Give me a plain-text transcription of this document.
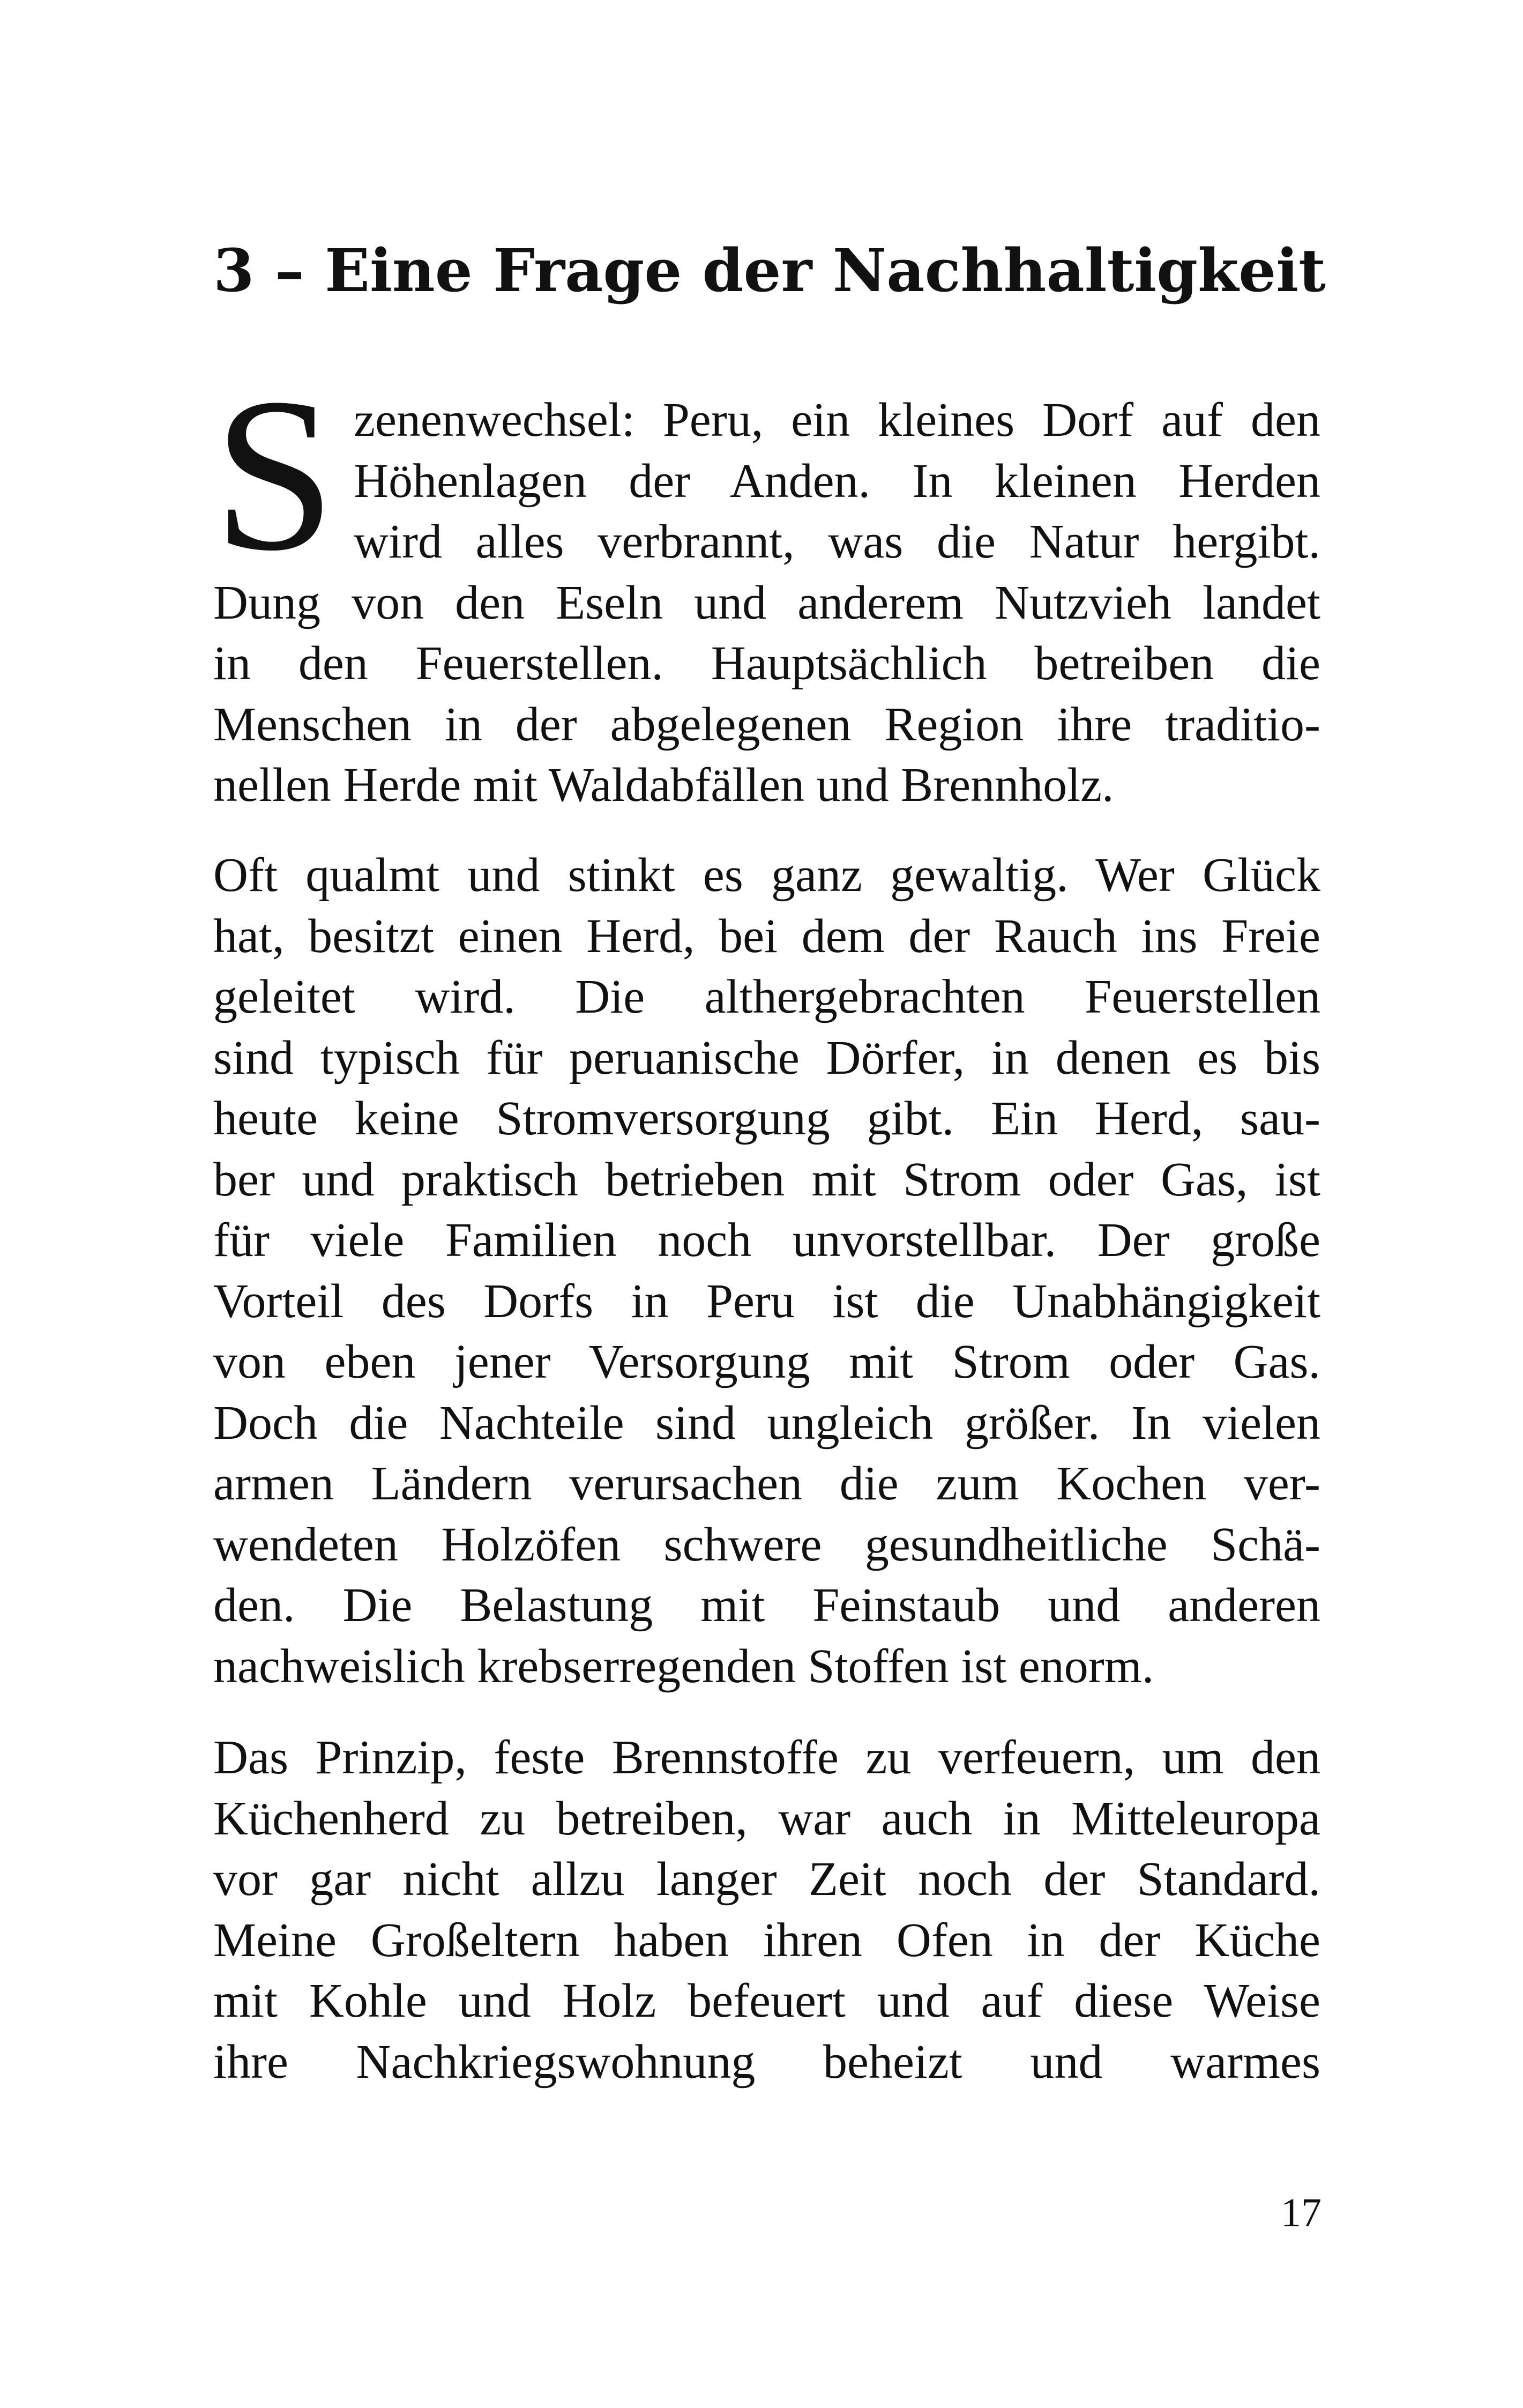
3 – Eine Frage der Nachhaltigkeit
S zenenwechsel: Peru, ein kleines Dorf auf den
Höhenlagen der Anden. In kleinen Herden
wird alles verbrannt, was die Natur hergibt.
Dung von den Eseln und anderem Nutzvieh landet
in den Feuerstellen. Hauptsächlich betreiben die
Menschen in der abgelegenen Region ihre traditio-
nellen Herde mit Waldabfällen und Brennholz.
Oft qualmt und stinkt es ganz gewaltig. Wer Glück
hat, besitzt einen Herd, bei dem der Rauch ins Freie
geleitet wird. Die althergebrachten Feuerstellen
sind typisch für peruanische Dörfer, in denen es bis
heute keine Stromversorgung gibt. Ein Herd, sau-
ber und praktisch betrieben mit Strom oder Gas, ist
für viele Familien noch unvorstellbar. Der große
Vorteil des Dorfs in Peru ist die Unabhängigkeit
von eben jener Versorgung mit Strom oder Gas.
Doch die Nachteile sind ungleich größer. In vielen
armen Ländern verursachen die zum Kochen ver-
wendeten Holzöfen schwere gesundheitliche Schä-
den. Die Belastung mit Feinstaub und anderen
nachweislich krebserregenden Stoffen ist enorm.
Das Prinzip, feste Brennstoffe zu verfeuern, um den
Küchenherd zu betreiben, war auch in Mitteleuropa
vor gar nicht allzu langer Zeit noch der Standard.
Meine Großeltern haben ihren Ofen in der Küche
mit Kohle und Holz befeuert und auf diese Weise
ihre Nachkriegswohnung beheizt und warmes
17
